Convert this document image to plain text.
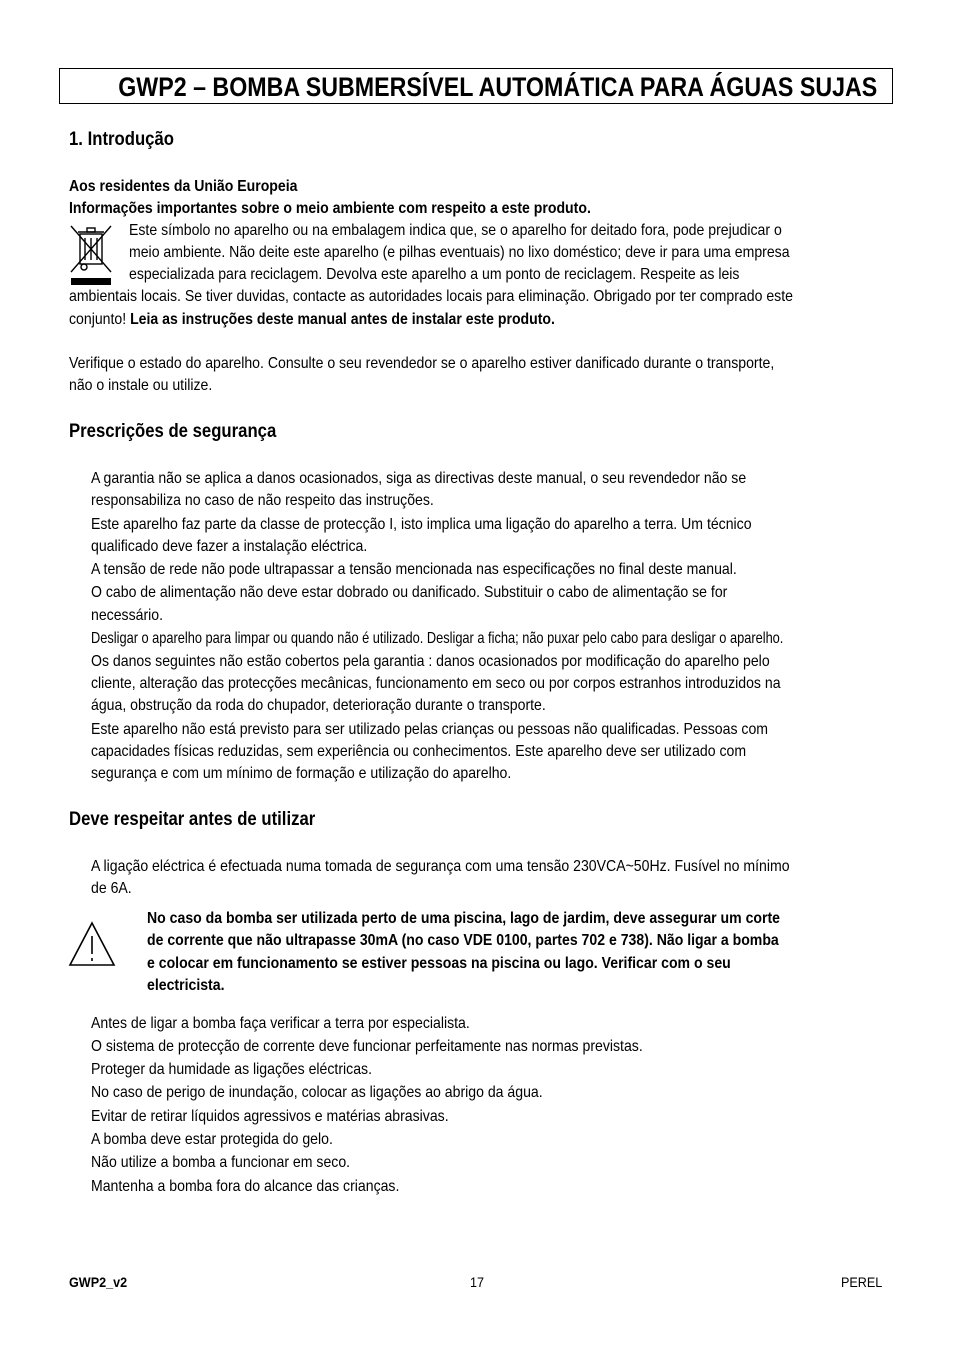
GWP2 – BOMBA SUBMERSÍVEL AUTOMÁTICA PARA ÁGUAS SUJAS
1. Introdução
Aos residentes da União Europeia
Informações importantes sobre o meio ambiente com respeito a este produto.
Este símbolo no aparelho ou na embalagem indica que, se o aparelho for deitado fora, pode prejudicar o
meio ambiente. Não deite este aparelho (e pilhas eventuais) no lixo doméstico; deve ir para uma empresa
especializada para reciclagem. Devolva este aparelho a um ponto de reciclagem. Respeite as leis
ambientais locais. Se tiver duvidas, contacte as autoridades locais para eliminação. Obrigado por ter comprado este
conjunto! Leia as instruções deste manual antes de instalar este produto.
Verifique o estado do aparelho. Consulte o seu revendedor se o aparelho estiver danificado durante o transporte,
não o instale ou utilize.
Prescrições de segurança
A garantia não se aplica a danos ocasionados, siga as directivas deste manual, o seu revendedor não se
responsabiliza no caso de não respeito das instruções.
Este aparelho faz parte da classe de protecção I, isto implica uma ligação do aparelho a terra. Um técnico
qualificado deve fazer a instalação eléctrica.
A tensão de rede não pode ultrapassar a tensão mencionada nas especificações no final deste manual.
O cabo de alimentação não deve estar dobrado ou danificado. Substituir o cabo de alimentação se for
necessário.
Desligar o aparelho para limpar ou quando não é utilizado. Desligar a ficha; não puxar pelo cabo para desligar o aparelho.
Os danos seguintes não estão cobertos pela garantia : danos ocasionados por modificação do aparelho pelo
cliente, alteração das protecções mecânicas, funcionamento em seco ou por corpos estranhos introduzidos na
água, obstrução da roda do chupador, deterioração durante o transporte.
Este aparelho não está previsto para ser utilizado pelas crianças ou pessoas não qualificadas. Pessoas com
capacidades físicas reduzidas, sem experiência ou conhecimentos. Este aparelho deve ser utilizado com
segurança e com um mínimo de formação e utilização do aparelho.
Deve respeitar antes de utilizar
A ligação eléctrica é efectuada numa tomada de segurança com uma tensão 230VCA~50Hz. Fusível no mínimo
de 6A.
No caso da bomba ser utilizada perto de uma piscina, lago de jardim, deve assegurar um corte
de corrente que não ultrapasse 30mA (no caso VDE 0100, partes 702 e 738). Não ligar a bomba
e colocar em funcionamento se estiver pessoas na piscina ou lago. Verificar com o seu
electricista.
Antes de ligar a bomba faça verificar a terra por especialista.
O sistema de protecção de corrente deve funcionar perfeitamente nas normas previstas.
Proteger da humidade as ligações eléctricas.
No caso de perigo de inundação, colocar as ligações ao abrigo da água.
Evitar de retirar líquidos agressivos e matérias abrasivas.
A bomba deve estar protegida do gelo.
Não utilize a bomba a funcionar em seco.
Mantenha a bomba fora do alcance das crianças.
GWP2_v2	17	PEREL
